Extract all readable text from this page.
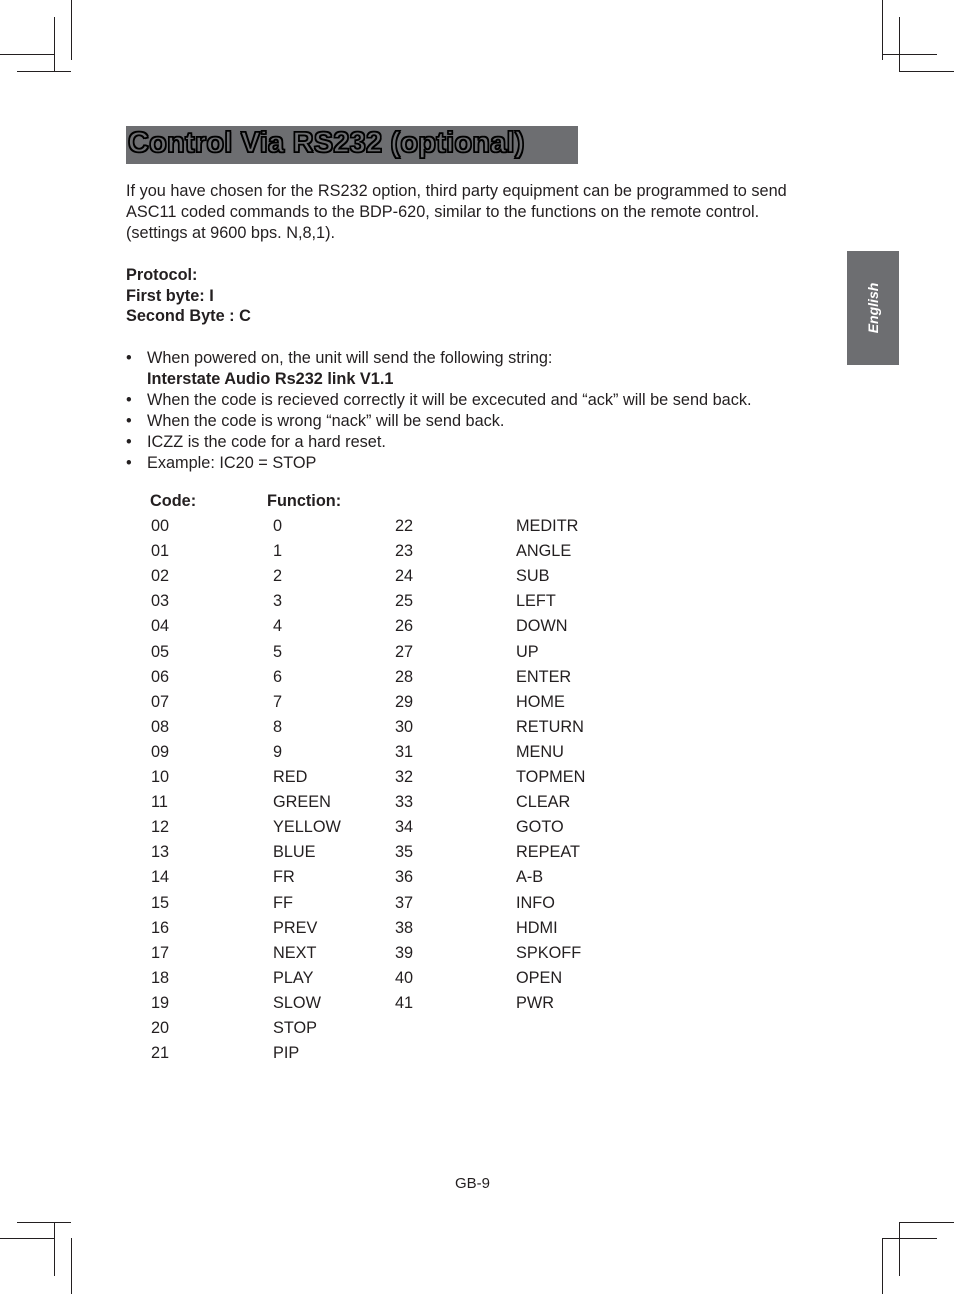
Control Via RS232 (optional)
English

If you have chosen for the RS232 option, third party equipment can be programmed to send ASC11 coded commands to the BDP-620, similar to the functions on the remote control. (settings at 9600 bps. N,8,1).

Protocol:
First byte: I
Second Byte : C
• When powered on, the unit will send the following string:
Interstate Audio Rs232 link V1.1
• When the code is recieved correctly it will be excecuted and “ack” will be send back.
• When the code is wrong “nack” will be send back.
• ICZZ is the code for a hard reset.
• Example: IC20 = STOP
Code:	Function:
00	0
01	1
02	2
03	3
04	4
05	5
06	6
07	7
08	8
09	9
10	RED
11	GREEN
12	YELLOW
13	BLUE
14	FR
15	FF
16	PREV
17	NEXT
18	PLAY
19	SLOW
20	STOP
21	PIP
22	MEDITR
23	ANGLE
24	SUB
25	LEFT
26	DOWN
27	UP
28	ENTER
29	HOME
30	RETURN
31	MENU
32	TOPMEN
33	CLEAR
34	GOTO
35	REPEAT
36	A-B
37	INFO
38	HDMI
39	SPKOFF
40	OPEN
41	PWR
GB-9
